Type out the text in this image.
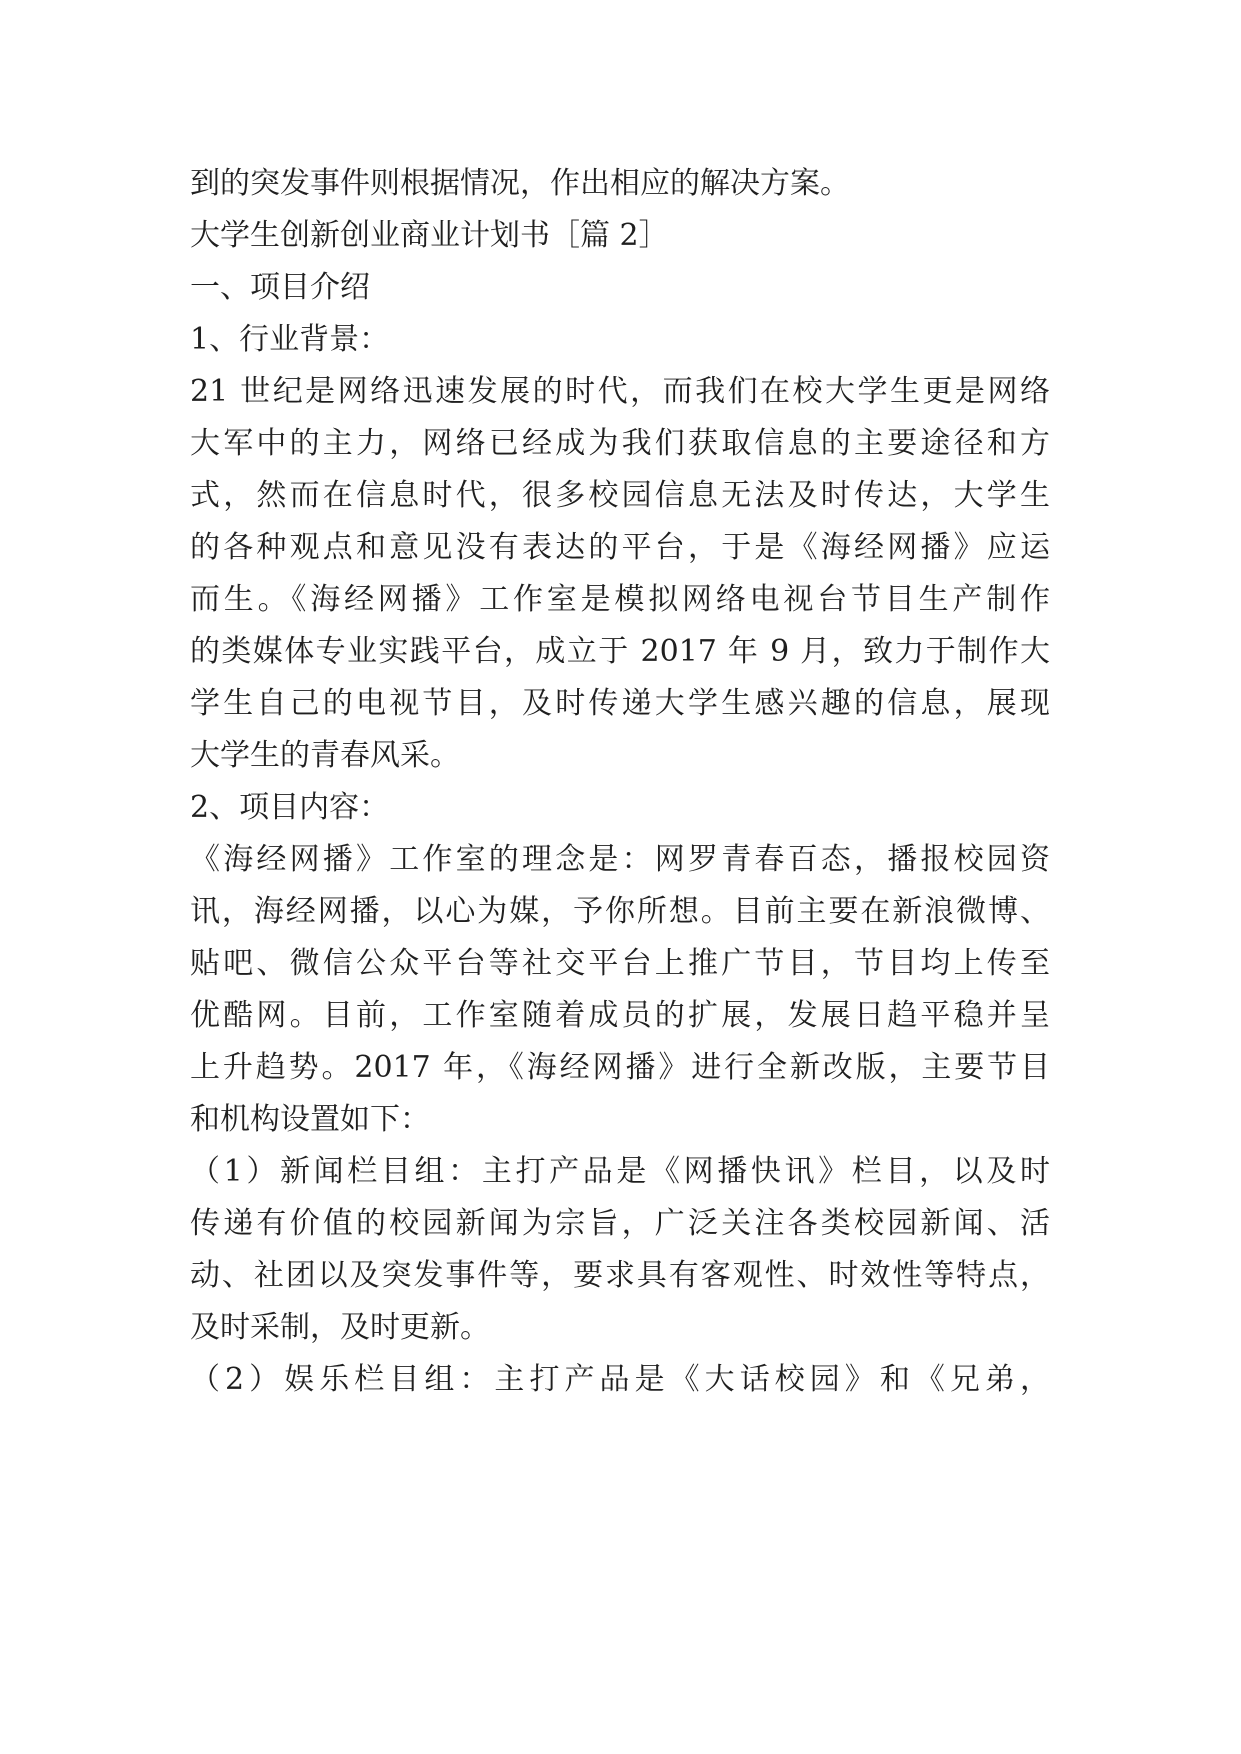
到的突发事件则根据情况，作出相应的解决方案。
大学生创新创业商业计划书［篇 2］
一、项目介绍
1、行业背景：
21 世纪是网络迅速发展的时代，而我们在校大学生更是网络
大军中的主力，网络已经成为我们获取信息的主要途径和方
式，然而在信息时代，很多校园信息无法及时传达，大学生
的各种观点和意见没有表达的平台，于是《海经网播》应运
而生。《海经网播》工作室是模拟网络电视台节目生产制作
的类媒体专业实践平台，成立于 2017 年 9 月，致力于制作大
学生自己的电视节目，及时传递大学生感兴趣的信息，展现
大学生的青春风采。
2、项目内容：
《海经网播》工作室的理念是：网罗青春百态，播报校园资
讯，海经网播，以心为媒，予你所想。目前主要在新浪微博、
贴吧、微信公众平台等社交平台上推广节目，节目均上传至
优酷网。目前，工作室随着成员的扩展，发展日趋平稳并呈
上升趋势。2017 年，《海经网播》进行全新改版，主要节目
和机构设置如下：
（1）新闻栏目组：主打产品是《网播快讯》栏目，以及时
传递有价值的校园新闻为宗旨，广泛关注各类校园新闻、活
动、社团以及突发事件等，要求具有客观性、时效性等特点，
及时采制，及时更新。
（2）娱乐栏目组：主打产品是《大话校园》和《兄弟，
